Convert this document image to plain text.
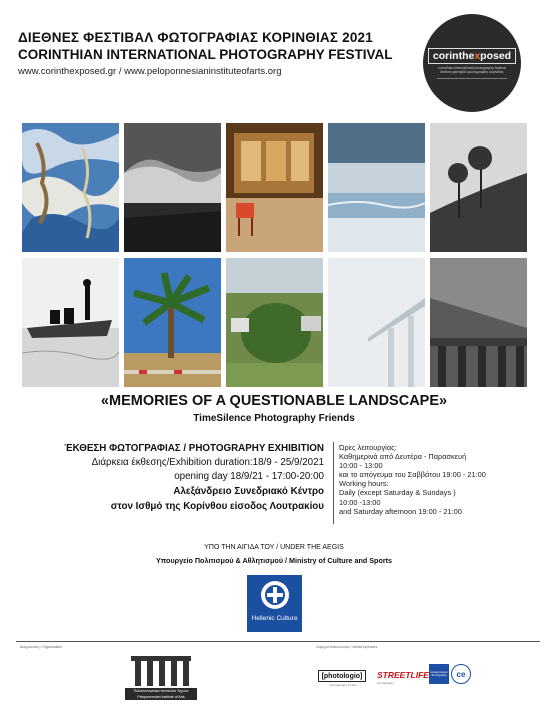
ΔΙΕΘΝΕΣ ΦΕΣΤΙΒΑΛ ΦΩΤΟΓΡΑΦΙΑΣ ΚΟΡΙΝΘΙΑΣ 2021
CORINTHIAN INTERNATIONAL PHOTOGRAPHY FESTIVAL
www.corinthexposed.gr / www.peloponnesianinstituteofarts.org
corinthexposed
corinthian international photography festival
διεθνές φεστιβάλ φωτογραφίας κορινθίας
«MEMORIES OF A QUESTIONABLE LANDSCAPE»
TimeSilence Photography Friends
ΈΚΘΕΣΗ ΦΩΤΟΓΡΑΦΙΑΣ / PHOTOGRAPHY EXHIBITION
Διάρκεια έκθεσης/Exhibition duration:18/9 - 25/9/2021
opening day 18/9/21 - 17:00-20:00
Αλεξάνδρειο Συνεδριακό Κέντρο
στον Ισθμό της Κορίνθου είσοδος Λουτρακίου
Ώρες λειτουργίας:
Καθημερινά από Δευτέρα - Παρασκευή
10:00 - 13:00
και το απόγευμα του Σαββάτου 19:00 - 21:00
Working hours:
Daily (except Saturday & Sundays )
10:00 -13:00
and Saturday afternoon 19:00 - 21:00
ΥΠΟ ΤΗΝ ΑΙΓΙΔΑ ΤΟΥ / UNDER THE AEGIS
Υπουργείο Πολιτισμού & Αθλητισμού / Ministry of Culture and Sports
Hellenic Culture
Διοργάνωση / Organization	Χορηγοί επικοινωνίας / Media sponsors
Πελοποννησιακό Ινστιτούτο Τεχνών
Peloponnesian Institute of Arts
[photologio]
photography & video
STREETLIFE
photography
Ιστορικό Αρχείο Φωτογραφίας	ce
